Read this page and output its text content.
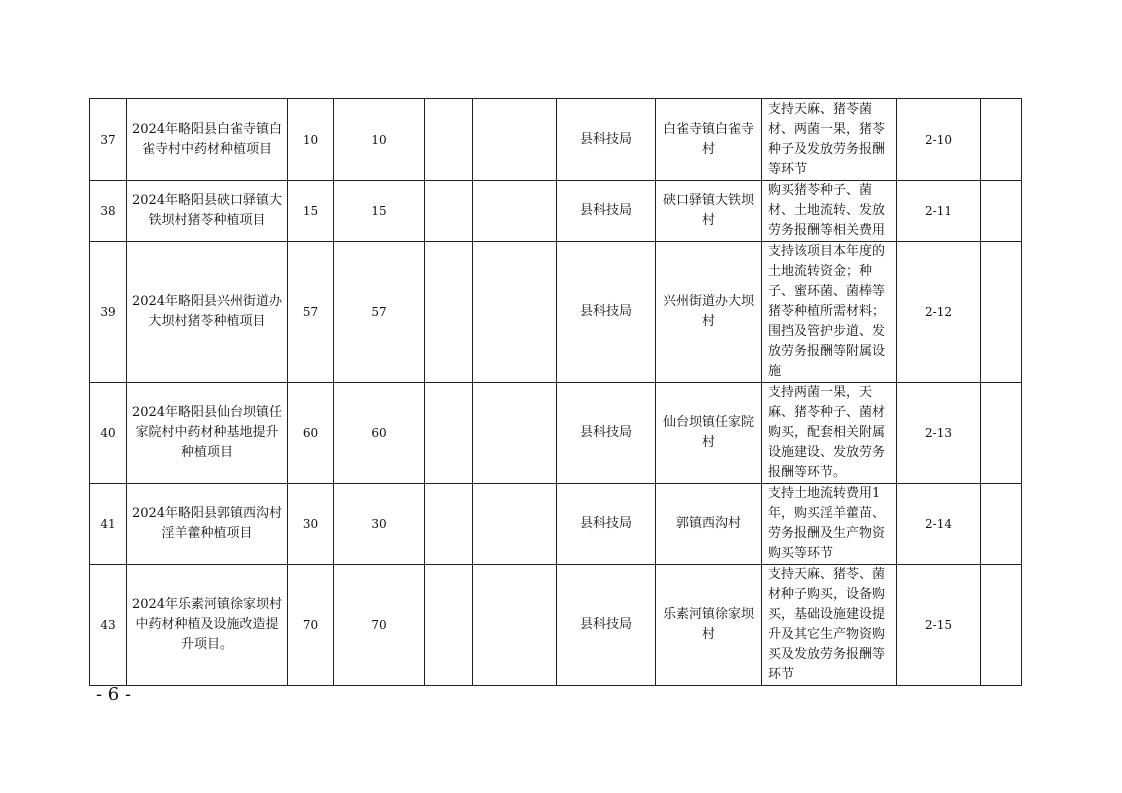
37	2024年略阳县白雀寺镇白雀寺村中药材种植项目	10	10			县科技局	白雀寺镇白雀寺村	支持天麻、猪苓菌材、两菌一果，猪苓种子及发放劳务报酬等环节	2-10	
38	2024年略阳县硖口驿镇大铁坝村猪苓种植项目	15	15			县科技局	硖口驿镇大铁坝村	购买猪苓种子、菌材、土地流转、发放劳务报酬等相关费用	2-11	
39	2024年略阳县兴州街道办大坝村猪苓种植项目	57	57			县科技局	兴州街道办大坝村	支持该项目本年度的土地流转资金；种子、蜜环菌、菌棒等猪苓种植所需材料；围挡及管护步道、发放劳务报酬等附属设施	2-12	
40	2024年略阳县仙台坝镇任家院村中药材种基地提升种植项目	60	60			县科技局	仙台坝镇任家院村	支持两菌一果，天麻、猪苓种子、菌材购买，配套相关附属设施建设、发放劳务报酬等环节。	2-13	
41	2024年略阳县郭镇西沟村淫羊藿种植项目	30	30			县科技局	郭镇西沟村	支持土地流转费用1年，购买淫羊藿苗、劳务报酬及生产物资购买等环节	2-14	
43	2024年乐素河镇徐家坝村中药材种植及设施改造提升项目。	70	70			县科技局	乐素河镇徐家坝村	支持天麻、猪苓、菌材种子购买，设备购买，基础设施建设提升及其它生产物资购买及发放劳务报酬等环节	2-15	
- 6 -
